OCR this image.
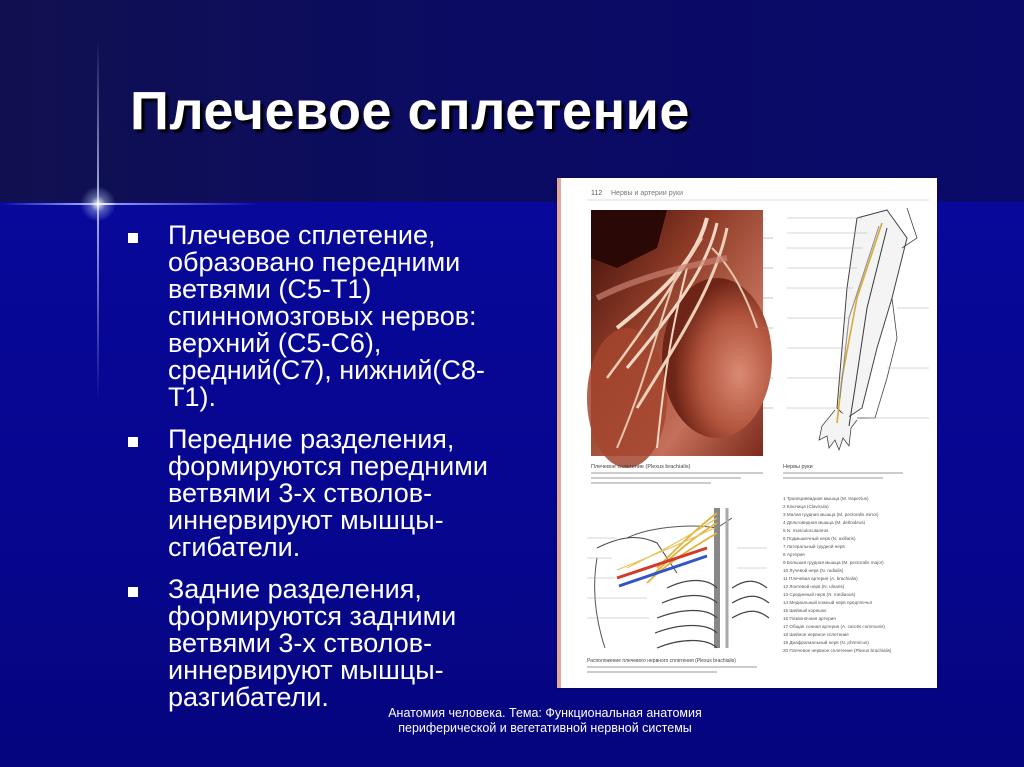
Плечевое сплетение
Плечевое сплетение,
образовано передними
ветвями (С5-Т1)
спинномозговых нервов:
верхний (С5-С6),
средний(С7), нижний(С8-
Т1).
Передние разделения,
формируются передними
ветвями 3-х стволов-
иннервируют мышцы-
сгибатели.
Задние разделения,
формируются задними
ветвями 3-х стволов-
иннервируют мышцы-
разгибатели.
112 Нервы и артерии руки
Плечевое сплетение (Plexus brachialis)	Нервы руки
Расположение плечевого нервного сплетения (Plexus brachialis)
1 Трапециевидная мышца (M. trapezius)
2 Ключица (Clavicula)
3 Малая грудная мышца (M. pectoralis minor)
4 Дельтовидная мышца (M. deltoideus)
5 N. musculocutaneus
6 Подмышечный нерв (N. axillaris)
7 Латеральный грудной нерв
8 Артерия
9 Большая грудная мышца (M. pectoralis major)
10 Лучевой нерв (N. radialis)
11 Плечевая артерия (A. brachialis)
12 Локтевой нерв (N. ulnaris)
13 Срединный нерв (N. medianus)
14 Медиальный кожный нерв предплечья
15 Шейный корешок
16 Позвоночная артерия
17 Общая сонная артерия (A. carotis communis)
18 Шейное нервное сплетение
19 Диафрагмальный нерв (N. phrenicus)
20 Плечевое нервное сплетение (Plexus brachialis)
Анатомия человека. Тема: Функциональная анатомия периферической и вегетативной нервной системы
